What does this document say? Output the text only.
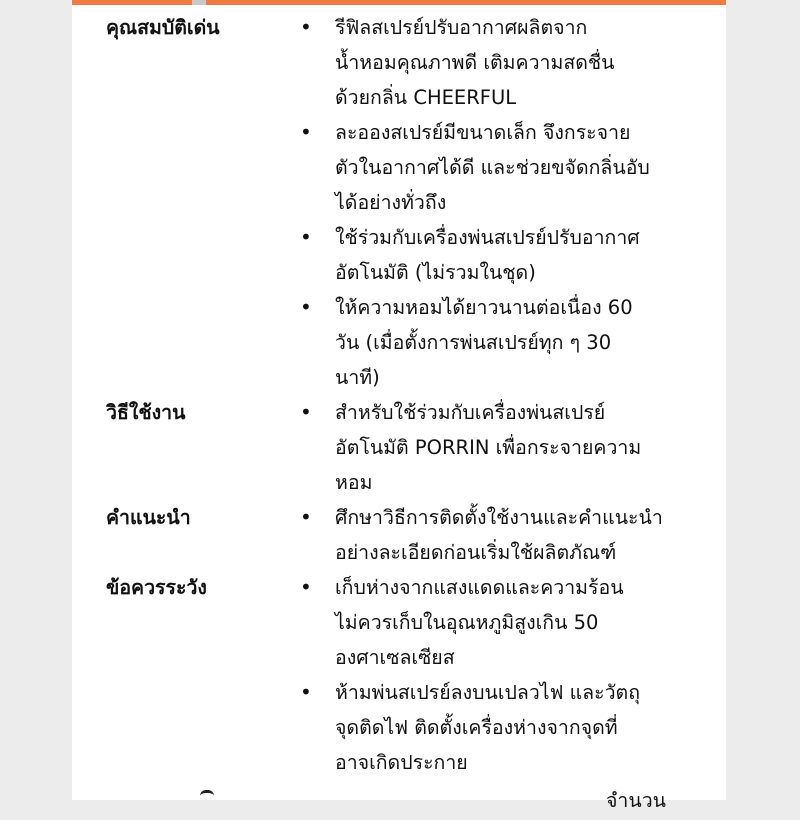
คุณสมบัติเด่น	• รีฟิลสเปรย์ปรับอากาศผลิตจาก
น้ำหอมคุณภาพดี เติมความสดชื่น
ด้วยกลิ่น CHEERFUL
• ละอองสเปรย์มีขนาดเล็ก จึงกระจาย
ตัวในอากาศได้ดี และช่วยขจัดกลิ่นอับ
ได้อย่างทั่วถึง
• ใช้ร่วมกับเครื่องพ่นสเปรย์ปรับอากาศ
อัตโนมัติ (ไม่รวมในชุด)
• ให้ความหอมได้ยาวนานต่อเนื่อง 60
วัน (เมื่อตั้งการพ่นสเปรย์ทุก ๆ 30
นาที)
วิธีใช้งาน	• สำหรับใช้ร่วมกับเครื่องพ่นสเปรย์
อัตโนมัติ PORRIN เพื่อกระจายความ
หอม
คำแนะนำ	• ศึกษาวิธีการติดตั้งใช้งานและคำแนะนำ
อย่างละเอียดก่อนเริ่มใช้ผลิตภัณฑ์
ข้อควรระวัง	• เก็บห่างจากแสงแดดและความร้อน
ไม่ควรเก็บในอุณหภูมิสูงเกิน 50
องศาเซลเซียส
• ห้ามพ่นสเปรย์ลงบนเปลวไฟ และวัตถุ
จุดติดไฟ ติดตั้งเครื่องห่างจากจุดที่
อาจเกิดประกาย
จำนวน
